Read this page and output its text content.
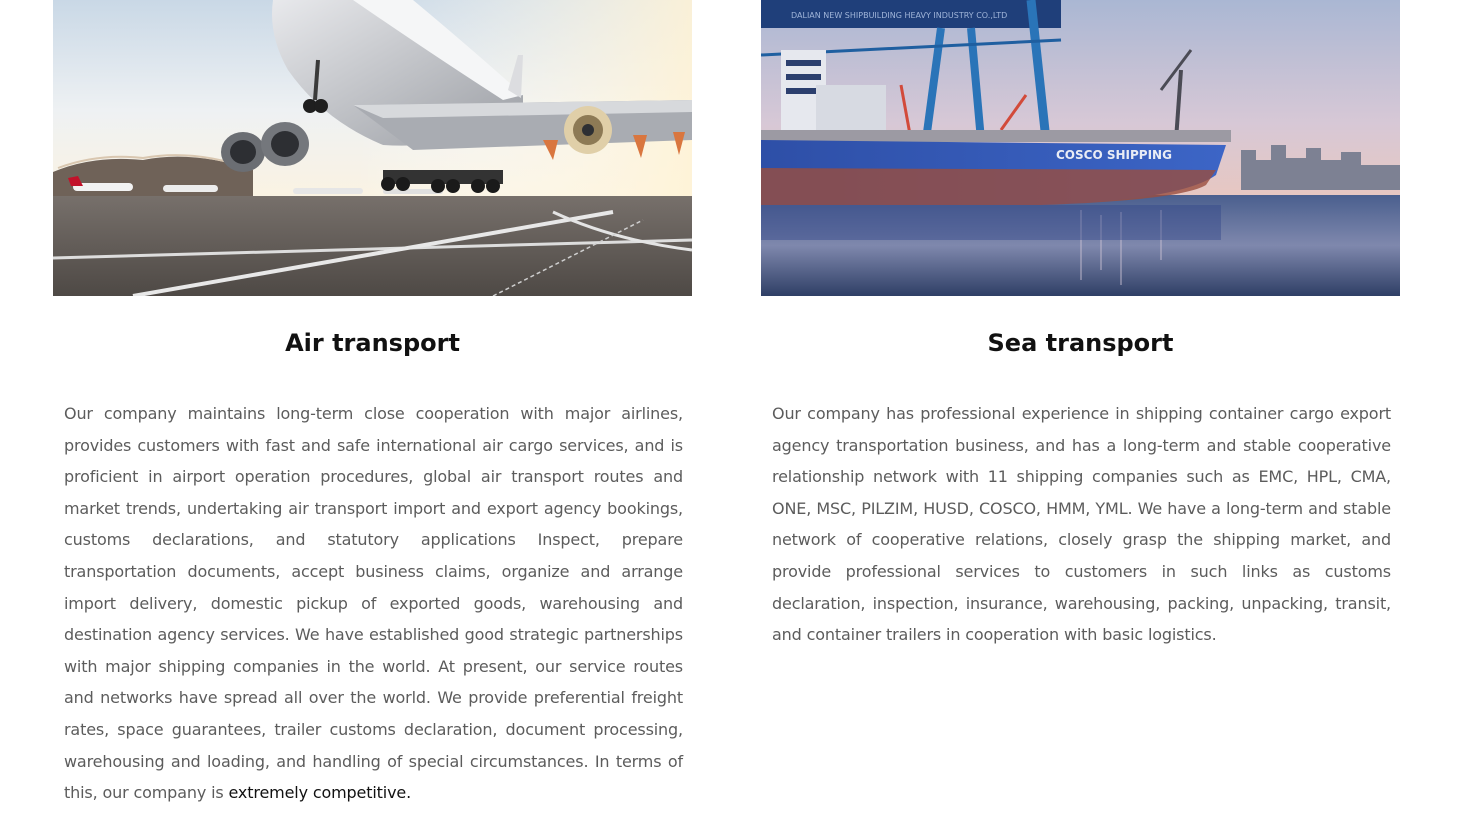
Air transport

Our company maintains long-term close cooperation with major airlines, provides customers with fast and safe international air cargo services, and is proficient in airport operation procedures, global air transport routes and market trends, undertaking air transport import and export agency bookings, customs declarations, and statutory applications Inspect, prepare transportation documents, accept business claims, organize and arrange import delivery, domestic pickup of exported goods, warehousing and destination agency services. We have established good strategic partnerships with major shipping companies in the world. At present, our service routes and networks have spread all over the world. We provide preferential freight rates, space guarantees, trailer customs declaration, document processing, warehousing and loading, and handling of special circumstances. In terms of this, our company is extremely competitive.

DALIAN NEW SHIPBUILDING HEAVY INDUSTRY CO.,LTD
COSCO SHIPPING
Sea transport

Our company has professional experience in shipping container cargo export agency transportation business, and has a long-term and stable cooperative relationship network with 11 shipping companies such as EMC, HPL, CMA, ONE, MSC, PILZIM, HUSD, COSCO, HMM, YML. We have a long-term and stable network of cooperative relations, closely grasp the shipping market, and provide professional services to customers in such links as customs declaration, inspection, insurance, warehousing, packing, unpacking, transit, and container trailers in cooperation with basic logistics.
